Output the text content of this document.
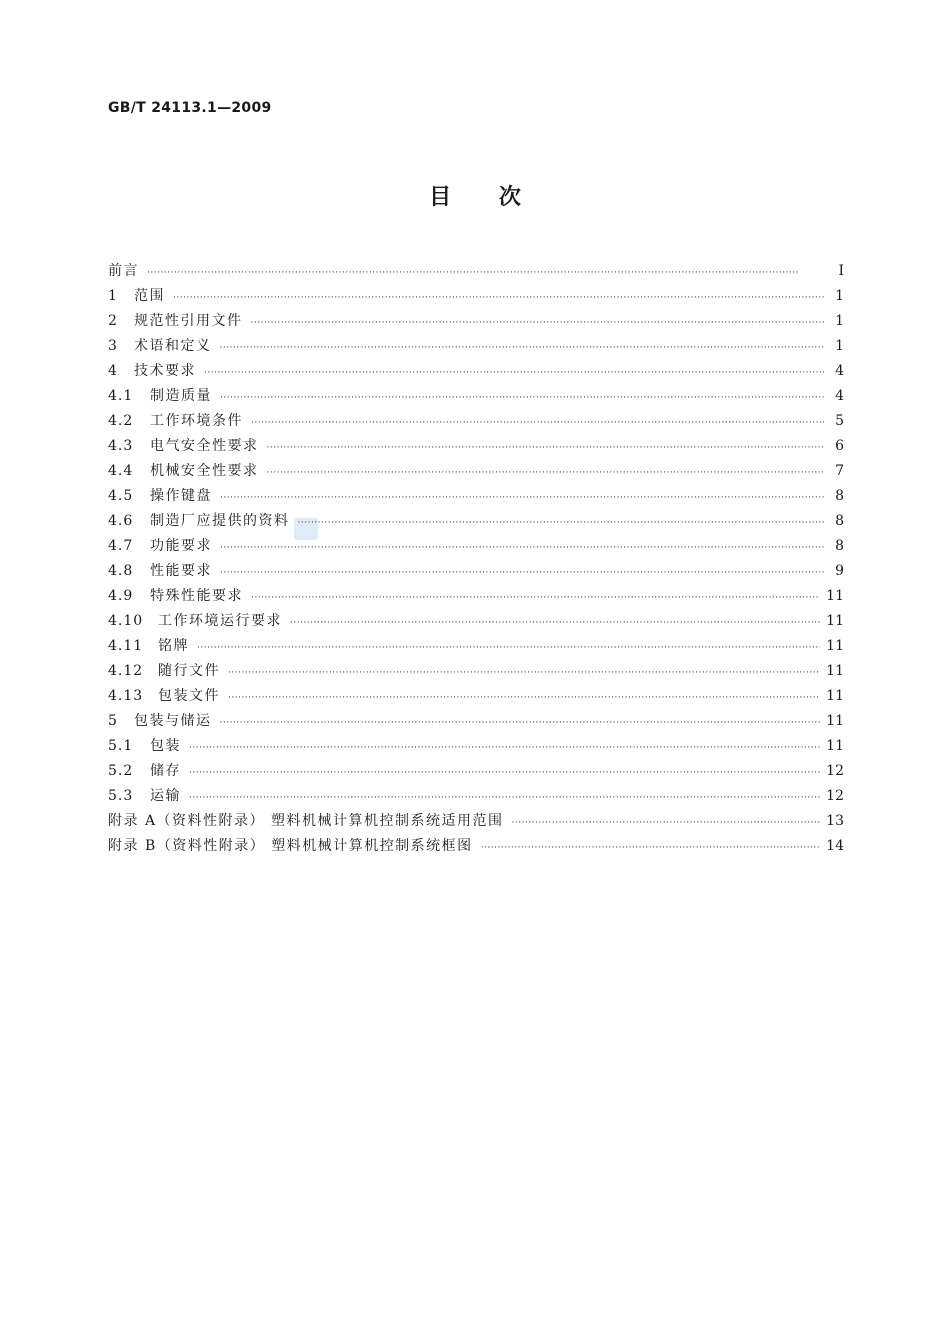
GB/T 24113.1—2009
目 次
前言 ·····	I
1	范围 ·····	1
2	规范性引用文件 ·····	1
3	术语和定义 ·····	1
4	技术要求 ·····	4
4.1	制造质量 ·····	4
4.2	工作环境条件 ·····	5
4.3	电气安全性要求 ·····	6
4.4	机械安全性要求 ·····	7
4.5	操作键盘 ·····	8
4.6	制造厂应提供的资料 ·····	8
4.7	功能要求 ·····	8
4.8	性能要求 ·····	9
4.9	特殊性能要求 ·····	11
4.10	工作环境运行要求 ·····	11
4.11	铭牌 ·····	11
4.12	随行文件 ·····	11
4.13	包装文件 ·····	11
5	包装与储运 ·····	11
5.1	包装 ·····	11
5.2	储存 ·····	12
5.3	运输 ·····	12
附录 A（资料性附录） 塑料机械计算机控制系统适用范围 ·····	13
附录 B（资料性附录） 塑料机械计算机控制系统框图 ·····	14
